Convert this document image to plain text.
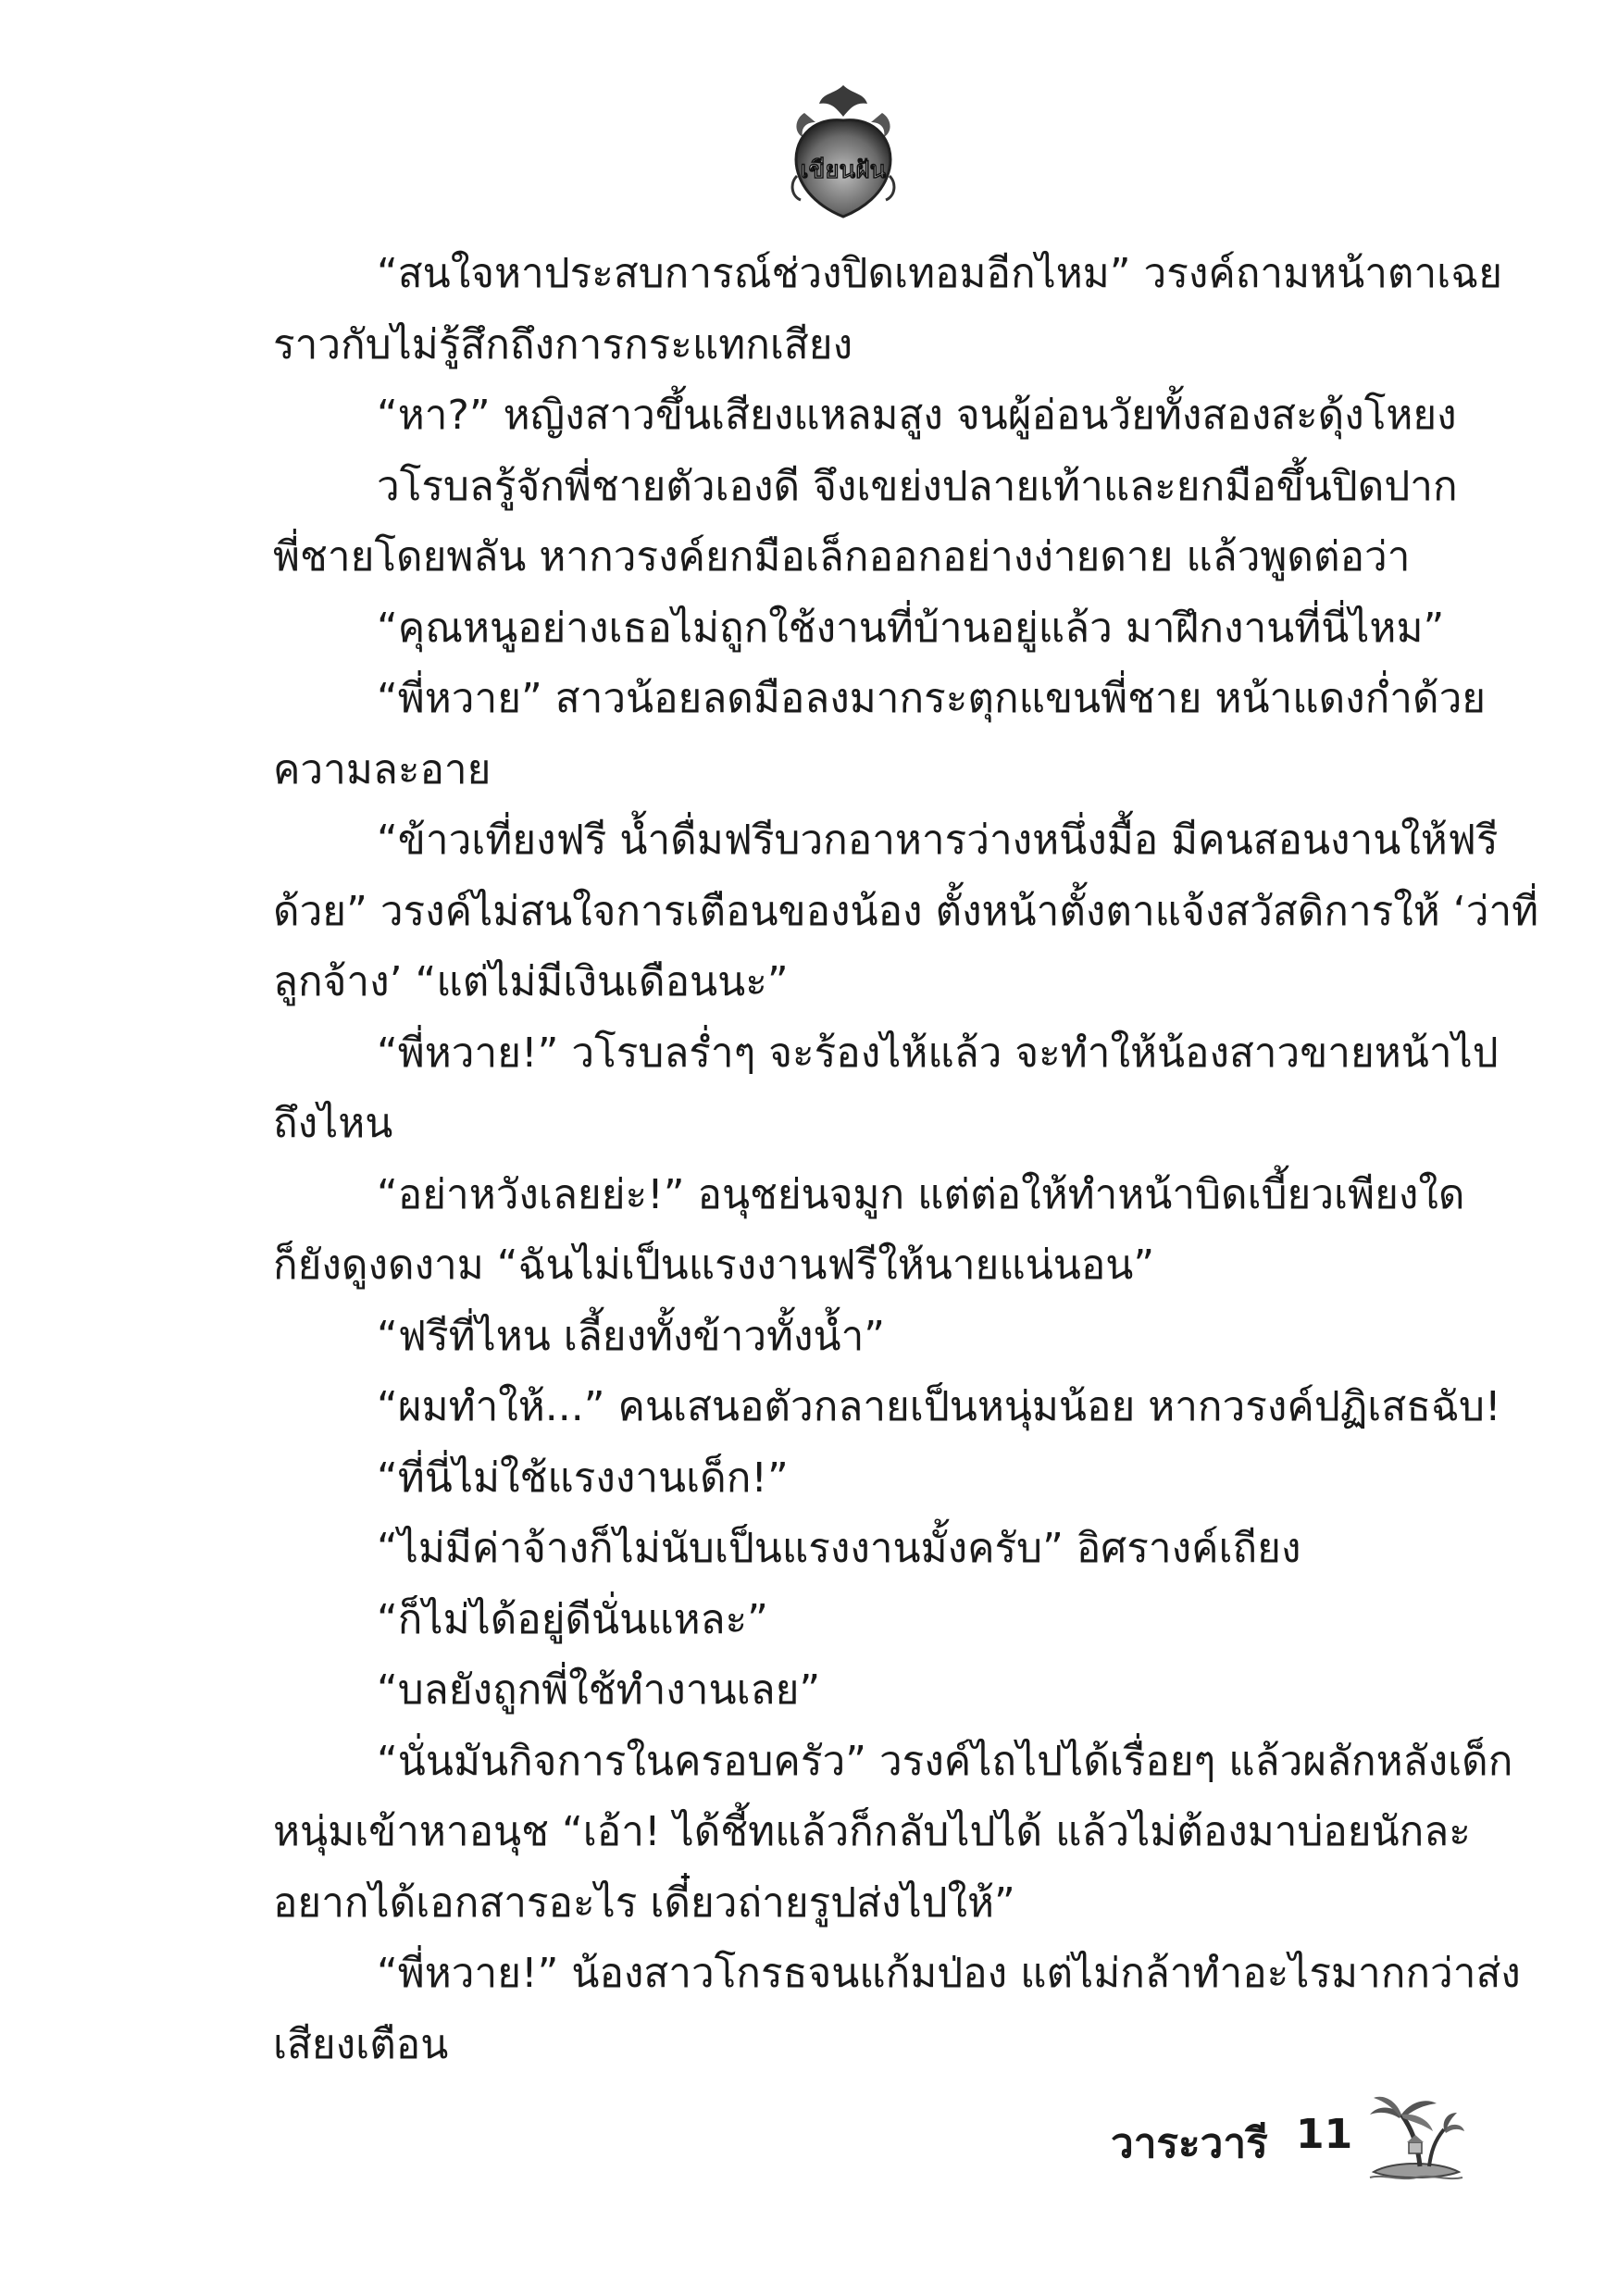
เขียนฝัน
“สนใจหาประสบการณ์ช่วงปิดเทอมอีกไหม” วรงค์ถามหน้าตาเฉย
ราวกับไม่รู้สึกถึงการกระแทกเสียง
“หา?” หญิงสาวขึ้นเสียงแหลมสูง จนผู้อ่อนวัยทั้งสองสะดุ้งโหยง
วโรบลรู้จักพี่ชายตัวเองดี จึงเขย่งปลายเท้าและยกมือขึ้นปิดปาก
พี่ชายโดยพลัน หากวรงค์ยกมือเล็กออกอย่างง่ายดาย แล้วพูดต่อว่า
“คุณหนูอย่างเธอไม่ถูกใช้งานที่บ้านอยู่แล้ว มาฝึกงานที่นี่ไหม”
“พี่หวาย” สาวน้อยลดมือลงมากระตุกแขนพี่ชาย หน้าแดงก่ำด้วย
ความละอาย
“ข้าวเที่ยงฟรี น้ำดื่มฟรีบวกอาหารว่างหนึ่งมื้อ มีคนสอนงานให้ฟรี
ด้วย” วรงค์ไม่สนใจการเตือนของน้อง ตั้งหน้าตั้งตาแจ้งสวัสดิการให้ ‘ว่าที่
ลูกจ้าง’ “แต่ไม่มีเงินเดือนนะ”
“พี่หวาย!” วโรบลร่ำๆ จะร้องไห้แล้ว จะทำให้น้องสาวขายหน้าไป
ถึงไหน
“อย่าหวังเลยย่ะ!” อนุชย่นจมูก แต่ต่อให้ทำหน้าบิดเบี้ยวเพียงใด
ก็ยังดูงดงาม “ฉันไม่เป็นแรงงานฟรีให้นายแน่นอน”
“ฟรีที่ไหน เลี้ยงทั้งข้าวทั้งน้ำ”
“ผมทำให้...” คนเสนอตัวกลายเป็นหนุ่มน้อย หากวรงค์ปฏิเสธฉับ!
“ที่นี่ไม่ใช้แรงงานเด็ก!”
“ไม่มีค่าจ้างก็ไม่นับเป็นแรงงานมั้งครับ” อิศรางค์เถียง
“ก็ไม่ได้อยู่ดีนั่นแหละ”
“บลยังถูกพี่ใช้ทำงานเลย”
“นั่นมันกิจการในครอบครัว” วรงค์ไถไปได้เรื่อยๆ แล้วผลักหลังเด็ก
หนุ่มเข้าหาอนุช “เอ้า! ได้ชี้ทแล้วก็กลับไปได้ แล้วไม่ต้องมาบ่อยนักละ
อยากได้เอกสารอะไร เดี๋ยวถ่ายรูปส่งไปให้”
“พี่หวาย!” น้องสาวโกรธจนแก้มป่อง แต่ไม่กล้าทำอะไรมากกว่าส่ง
เสียงเตือน
วาระวารี 11
